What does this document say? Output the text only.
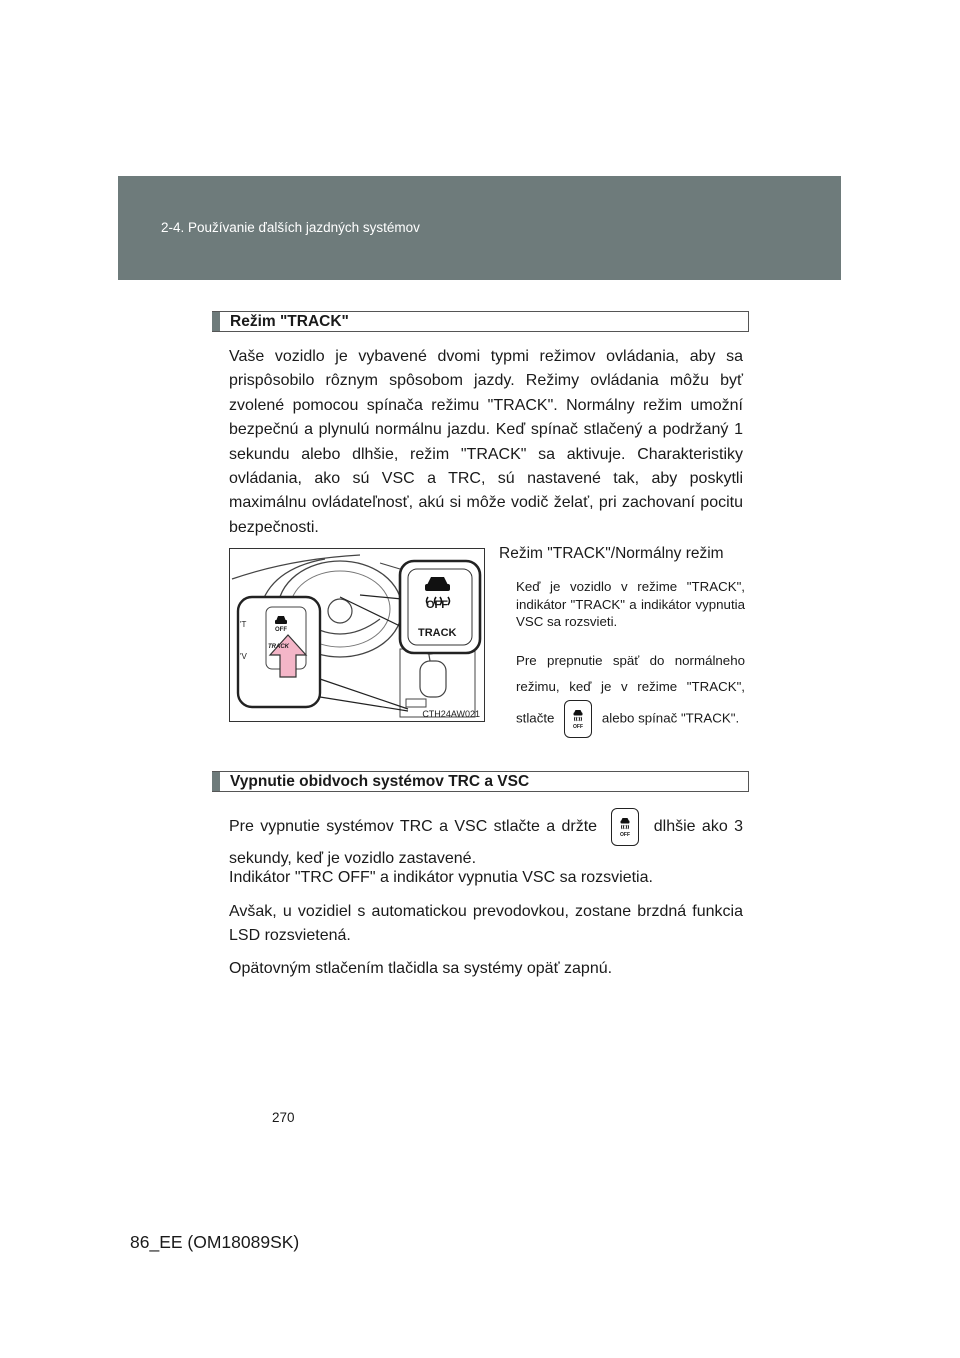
2-4. Používanie ďalších jazdných systémov
Režim "TRACK"

Vaše vozidlo je vybavené dvomi typmi režimov ovládania, aby sa prispôsobilo rôznym spôsobom jazdy. Režimy ovládania môžu byť zvolené pomocou spínača režimu "TRACK". Normálny režim umožní bezpečnú a plynulú normálnu jazdu. Keď spínač stlačený a podržaný 1 sekundu alebo dlhšie, režim "TRACK" sa aktivuje. Charakteristiky ovládania, ako sú VSC a TRC, sú nastavené tak, aby poskytli maximálnu ovládateľnosť, akú si môže vodič želať, pri zachovaní pocitu bezpečnosti.

'T
'V
OFF
TRACK
OFF
TRACK
CTH24AW021
Režim "TRACK"/Normálny režim

Keď je vozidlo v režime "TRACK", indikátor "TRACK" a indikátor vypnutia VSC sa rozsvieti.

Pre prepnutie späť do normálneho režimu, keď je v režime "TRACK", stlačte
OFF
alebo spínač "TRACK".

Vypnutie obidvoch systémov TRC a VSC

Pre vypnutie systémov TRC a VSC stlačte a držte	OFF dlhšie ako 3 sekundy, keď je vozidlo zastavené.

Indikátor "TRC OFF" a indikátor vypnutia VSC sa rozsvietia.

Avšak, u vozidiel s automatickou prevodovkou, zostane brzdná funkcia LSD rozsvietená.

Opätovným stlačením tlačidla sa systémy opäť zapnú.

270
86_EE (OM18089SK)
